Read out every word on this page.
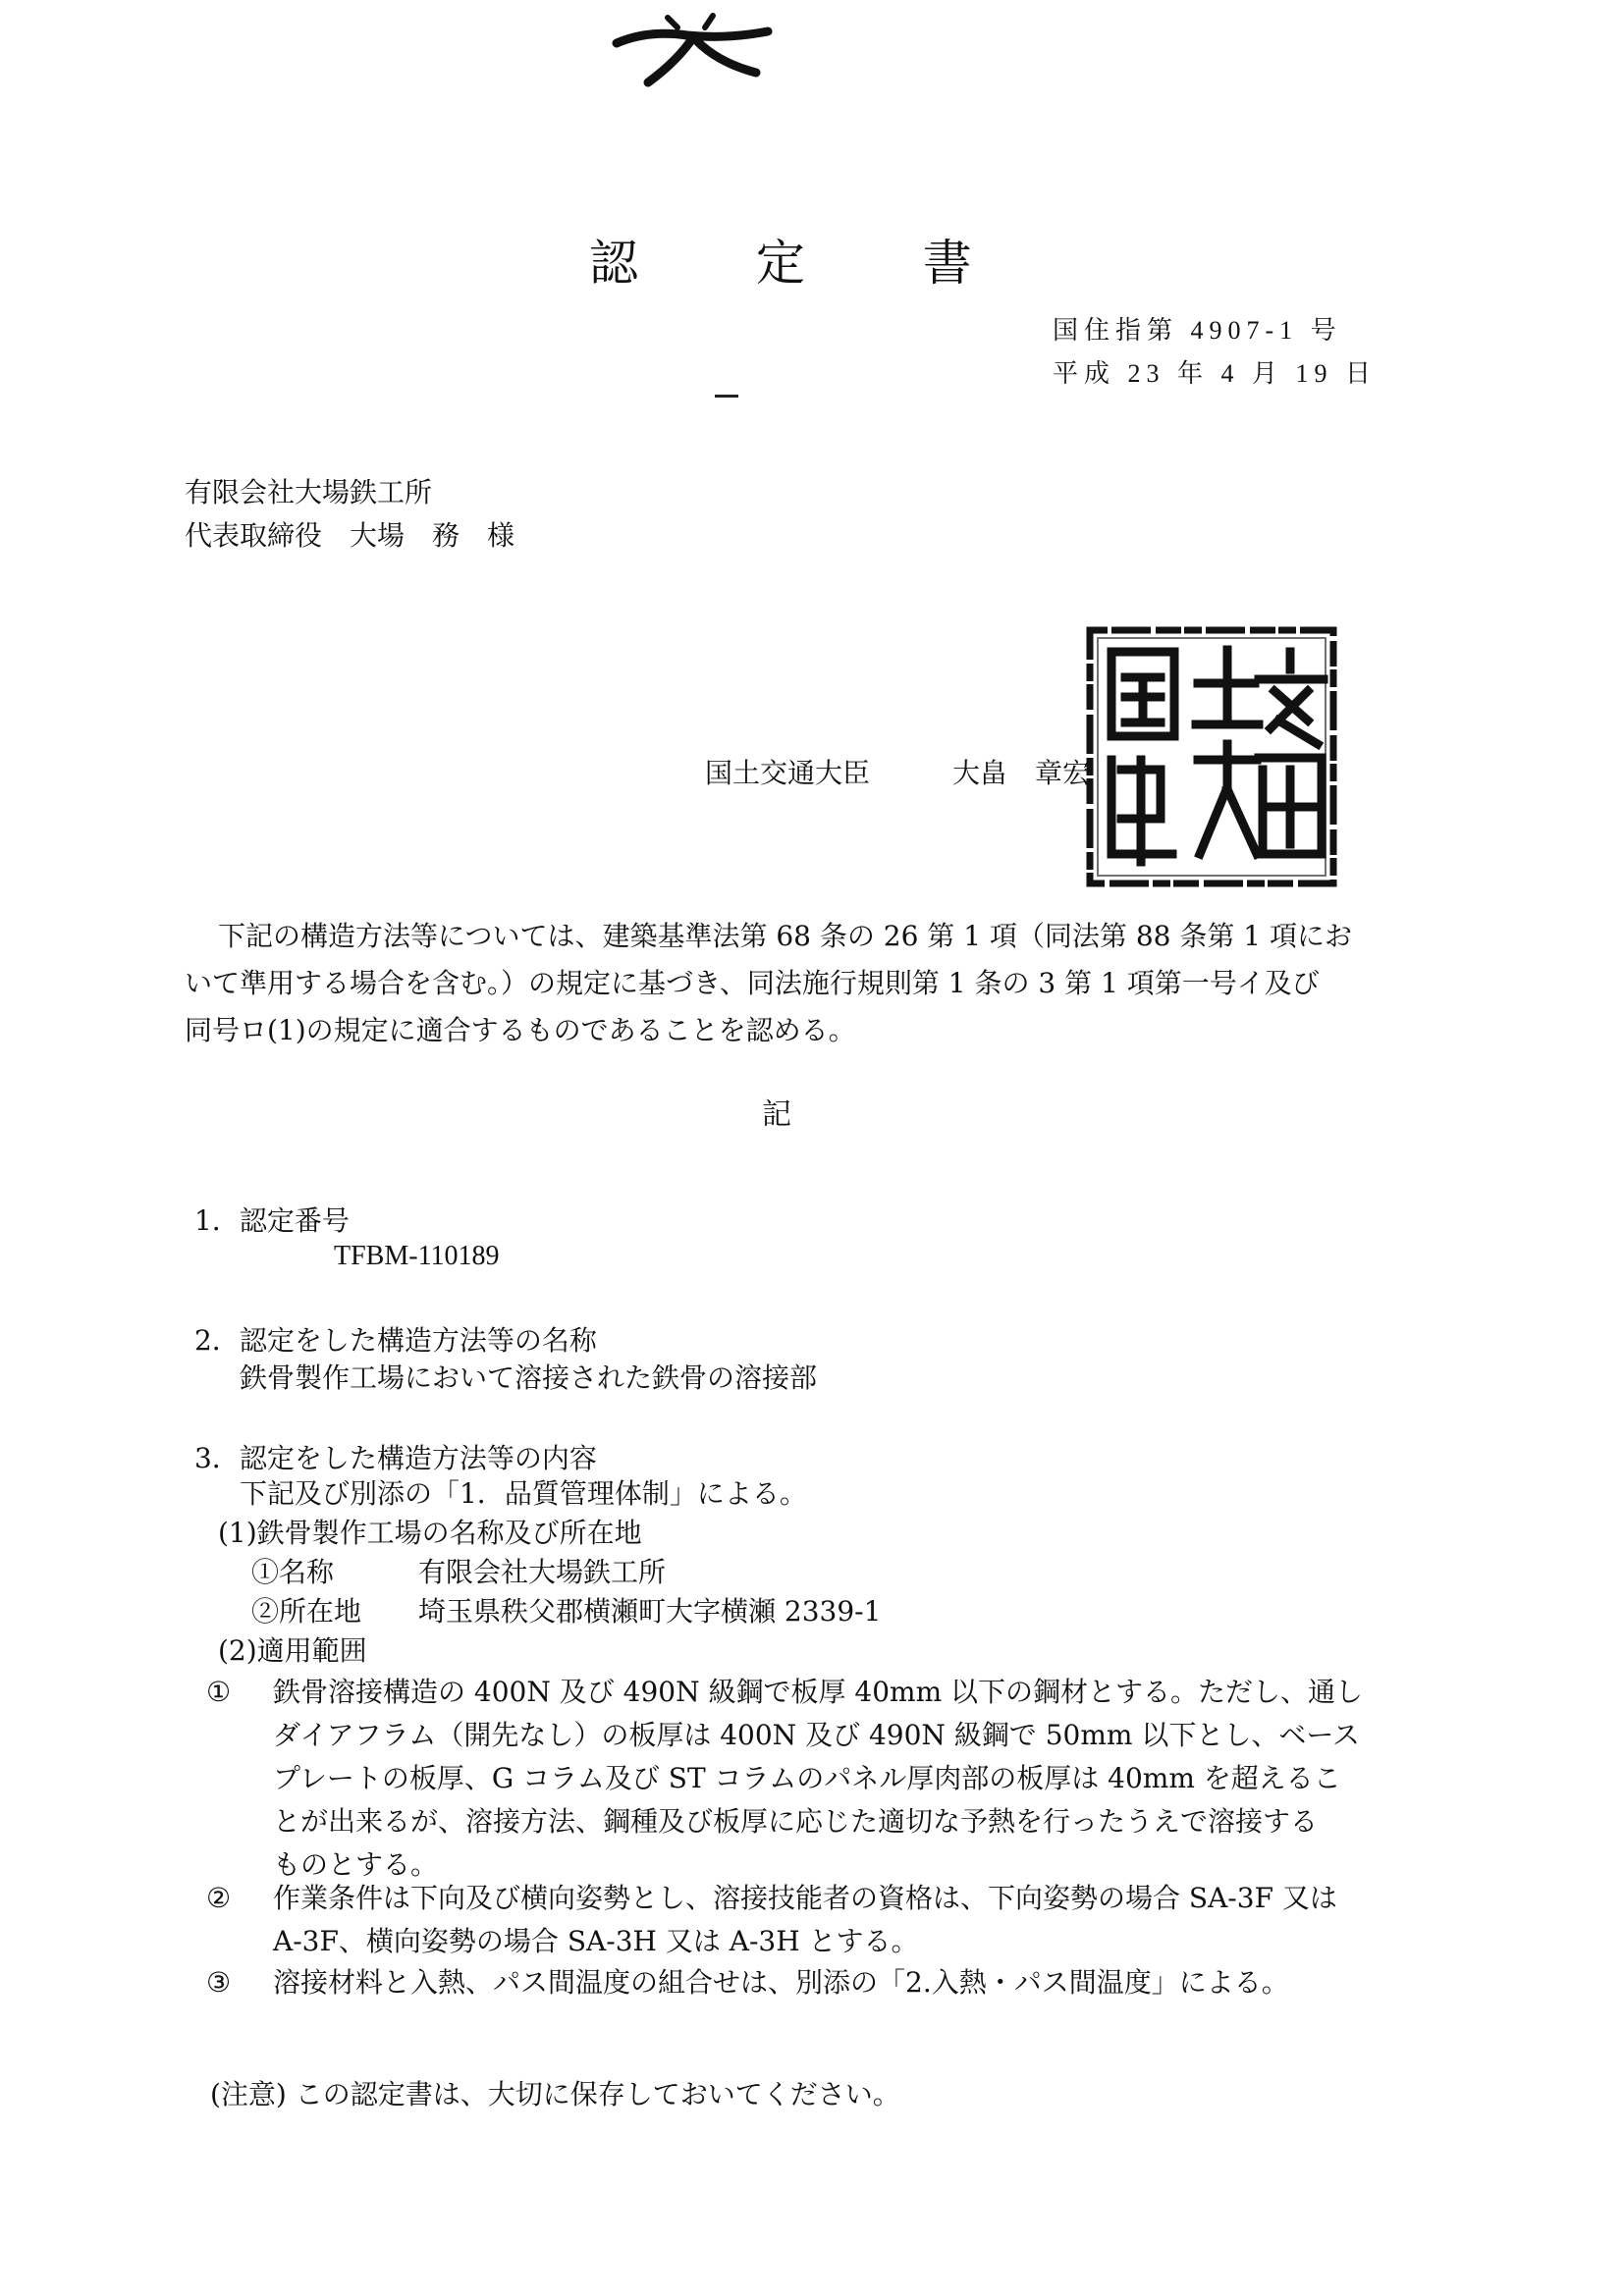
認 定 書
国住指第 4907-1 号
平成 23 年 4 月 19 日
有限会社大場鉄工所
代表取締役　大場　務　様
国土交通大臣	大畠　章宏

下記の構造方法等については、建築基準法第 68 条の 26 第 1 項（同法第 88 条第 1 項にお

いて準用する場合を含む。）の規定に基づき、同法施行規則第 1 条の 3 第 1 項第一号イ及び

同号ロ(1)の規定に適合するものであることを認める。

記
1．認定番号
TFBM-110189
2．認定をした構造方法等の名称
鉄骨製作工場において溶接された鉄骨の溶接部
3．認定をした構造方法等の内容
下記及び別添の「1．品質管理体制」による。
(1)鉄骨製作工場の名称及び所在地
①名称	有限会社大場鉄工所
②所在地 埼玉県秩父郡横瀬町大字横瀬 2339-1
(2)適用範囲
① 鉄骨溶接構造の 400N 及び 490N 級鋼で板厚 40mm 以下の鋼材とする。ただし、通し
ダイアフラム（開先なし）の板厚は 400N 及び 490N 級鋼で 50mm 以下とし、ベース
プレートの板厚、G コラム及び ST コラムのパネル厚肉部の板厚は 40mm を超えるこ
とが出来るが、溶接方法、鋼種及び板厚に応じた適切な予熱を行ったうえで溶接する
ものとする。
② 作業条件は下向及び横向姿勢とし、溶接技能者の資格は、下向姿勢の場合 SA-3F 又は
A-3F、横向姿勢の場合 SA-3H 又は A-3H とする。
③ 溶接材料と入熱、パス間温度の組合せは、別添の「2.入熱・パス間温度」による。
(注意) この認定書は、大切に保存しておいてください。
